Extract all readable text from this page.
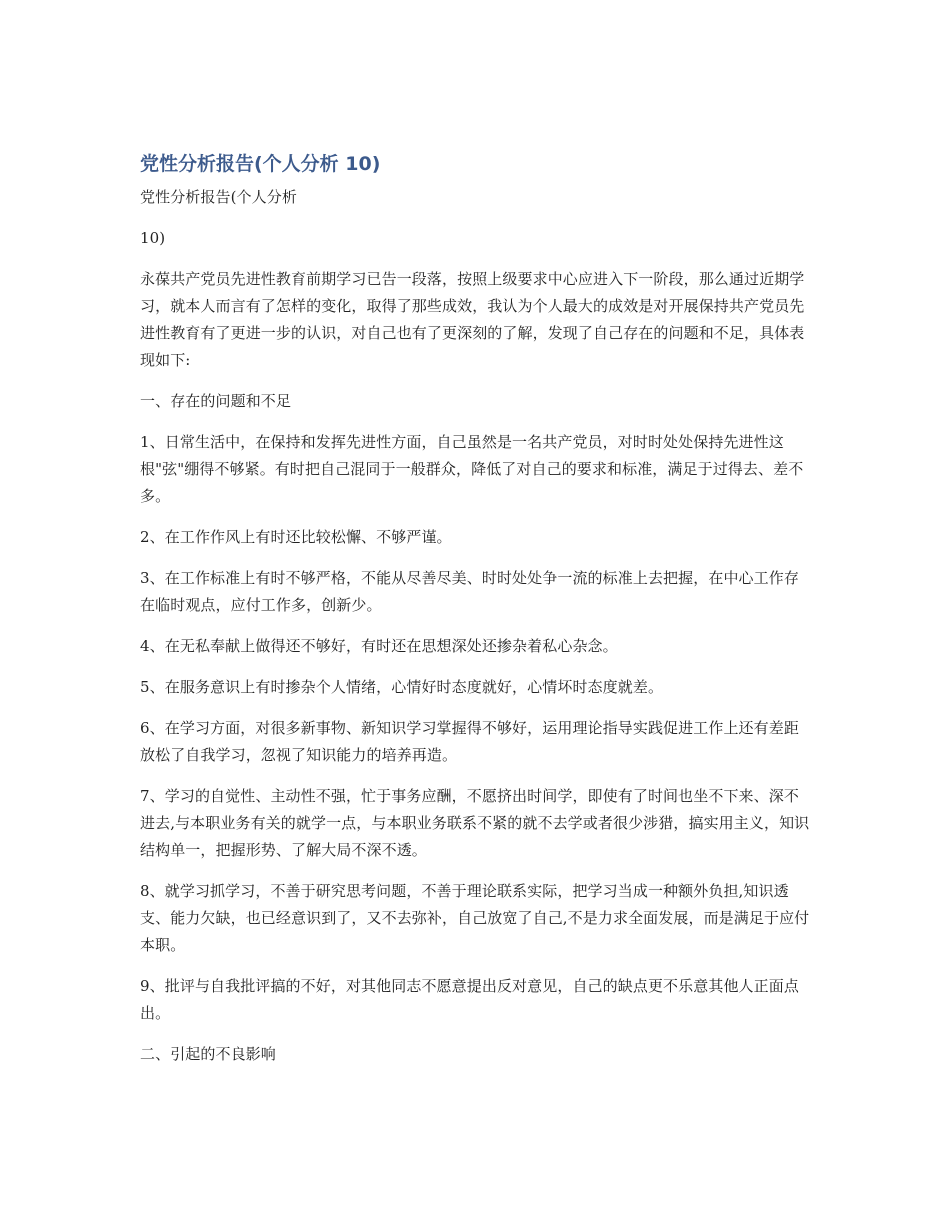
党性分析报告(个人分析 10)

党性分析报告(个人分析

10)

永葆共产党员先进性教育前期学习已告一段落，按照上级要求中心应进入下一阶段，那么通过近期学习，就本人而言有了怎样的变化，取得了那些成效，我认为个人最大的成效是对开展保持共产党员先进性教育有了更进一步的认识，对自己也有了更深刻的了解，发现了自己存在的问题和不足，具体表现如下:

一、存在的问题和不足

1、日常生活中，在保持和发挥先进性方面，自己虽然是一名共产党员，对时时处处保持先进性这根"弦"绷得不够紧。有时把自己混同于一般群众，降低了对自己的要求和标准，满足于过得去、差不多。

2、在工作作风上有时还比较松懈、不够严谨。

3、在工作标准上有时不够严格，不能从尽善尽美、时时处处争一流的标准上去把握，在中心工作存在临时观点，应付工作多，创新少。

4、在无私奉献上做得还不够好，有时还在思想深处还掺杂着私心杂念。

5、在服务意识上有时掺杂个人情绪，心情好时态度就好，心情坏时态度就差。

6、在学习方面，对很多新事物、新知识学习掌握得不够好，运用理论指导实践促进工作上还有差距放松了自我学习，忽视了知识能力的培养再造。

7、学习的自觉性、主动性不强，忙于事务应酬，不愿挤出时间学，即使有了时间也坐不下来、深不进去,与本职业务有关的就学一点，与本职业务联系不紧的就不去学或者很少涉猎，搞实用主义，知识结构单一，把握形势、了解大局不深不透。

8、就学习抓学习，不善于研究思考问题，不善于理论联系实际，把学习当成一种额外负担,知识透支、能力欠缺，也已经意识到了，又不去弥补，自己放宽了自己,不是力求全面发展，而是满足于应付本职。

9、批评与自我批评搞的不好，对其他同志不愿意提出反对意见，自己的缺点更不乐意其他人正面点出。

二、引起的不良影响
